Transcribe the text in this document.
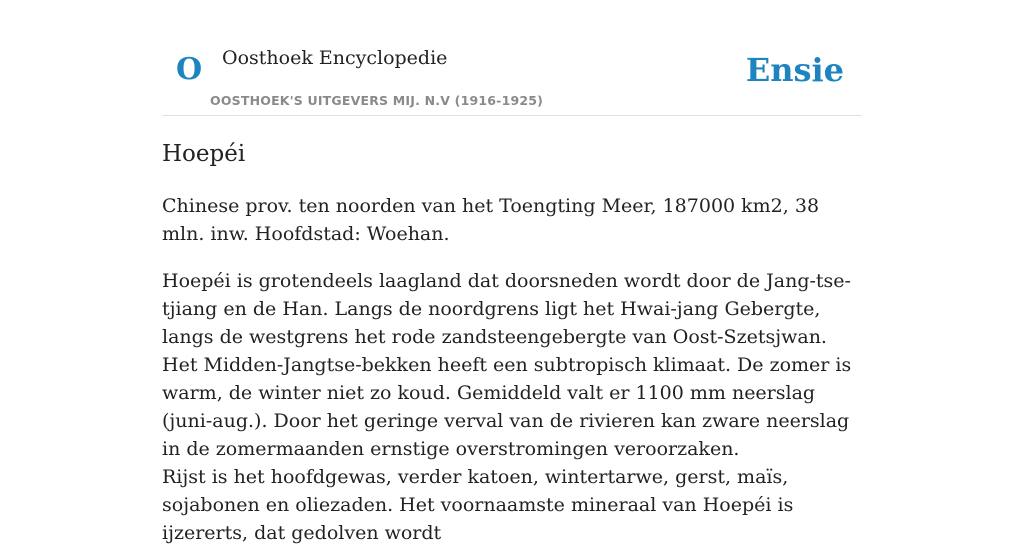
O Oosthoek Encyclopedie
OOSTHOEK'S UITGEVERS MIJ. N.V (1916-1925)
Ensie
Hoepéi

Chinese prov. ten noorden van het Toengting Meer, 187000 km2, 38 mln. inw. Hoofdstad: Woehan.

Hoepéi is grotendeels laagland dat doorsneden wordt door de Jang-tse-tjiang en de Han. Langs de noordgrens ligt het Hwai-jang Gebergte, langs de westgrens het rode zandsteengebergte van Oost-Szetsjwan. Het Midden-Jangtse-bekken heeft een subtropisch klimaat. De zomer is warm, de winter niet zo koud. Gemiddeld valt er 1100 mm neerslag (juni-aug.). Door het geringe verval van de rivieren kan zware neerslag in de zomermaanden ernstige overstromingen veroorzaken.

Rijst is het hoofdgewas, verder katoen, wintertarwe, gerst, maïs, sojabonen en oliezaden. Het voornaamste mineraal van Hoepéi is ijzererts, dat gedolven wordt
